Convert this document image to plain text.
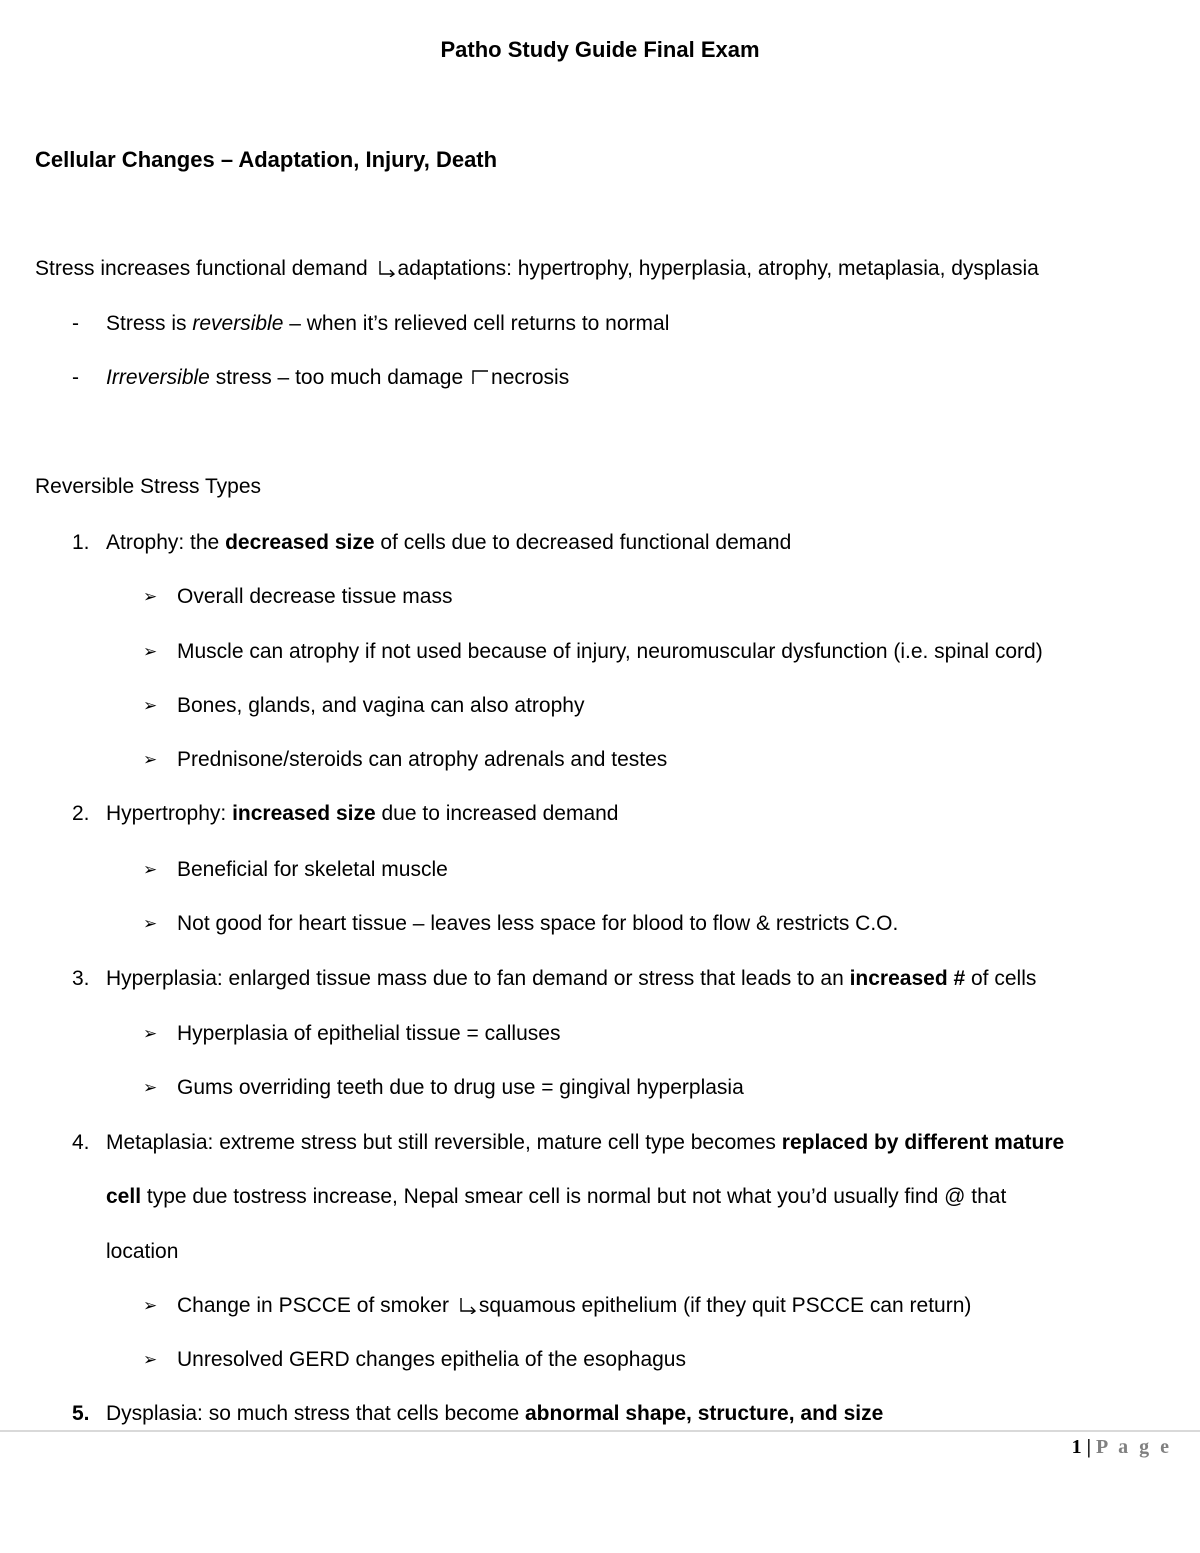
Patho Study Guide Final Exam
Cellular Changes – Adaptation, Injury, Death
Stress increases functional demand adaptations: hypertrophy, hyperplasia, atrophy, metaplasia, dysplasia
- Stress is reversible – when it’s relieved cell returns to normal
- Irreversible stress – too much damage necrosis
Reversible Stress Types
1. Atrophy: the decreased size of cells due to decreased functional demand
➢ Overall decrease tissue mass
➢ Muscle can atrophy if not used because of injury, neuromuscular dysfunction (i.e. spinal cord)
➢ Bones, glands, and vagina can also atrophy
➢ Prednisone/steroids can atrophy adrenals and testes
2. Hypertrophy: increased size due to increased demand
➢ Beneficial for skeletal muscle
➢ Not good for heart tissue – leaves less space for blood to flow & restricts C.O.
3. Hyperplasia: enlarged tissue mass due to fan demand or stress that leads to an increased # of cells
➢ Hyperplasia of epithelial tissue = calluses
➢ Gums overriding teeth due to drug use = gingival hyperplasia
4. Metaplasia: extreme stress but still reversible, mature cell type becomes replaced by different mature
cell type due tostress increase, Nepal smear cell is normal but not what you’d usually find @ that
location
➢ Change in PSCCE of smoker squamous epithelium (if they quit PSCCE can return)
➢ Unresolved GERD changes epithelia of the esophagus
5. Dysplasia: so much stress that cells become abnormal shape, structure, and size
1 | P a g e
